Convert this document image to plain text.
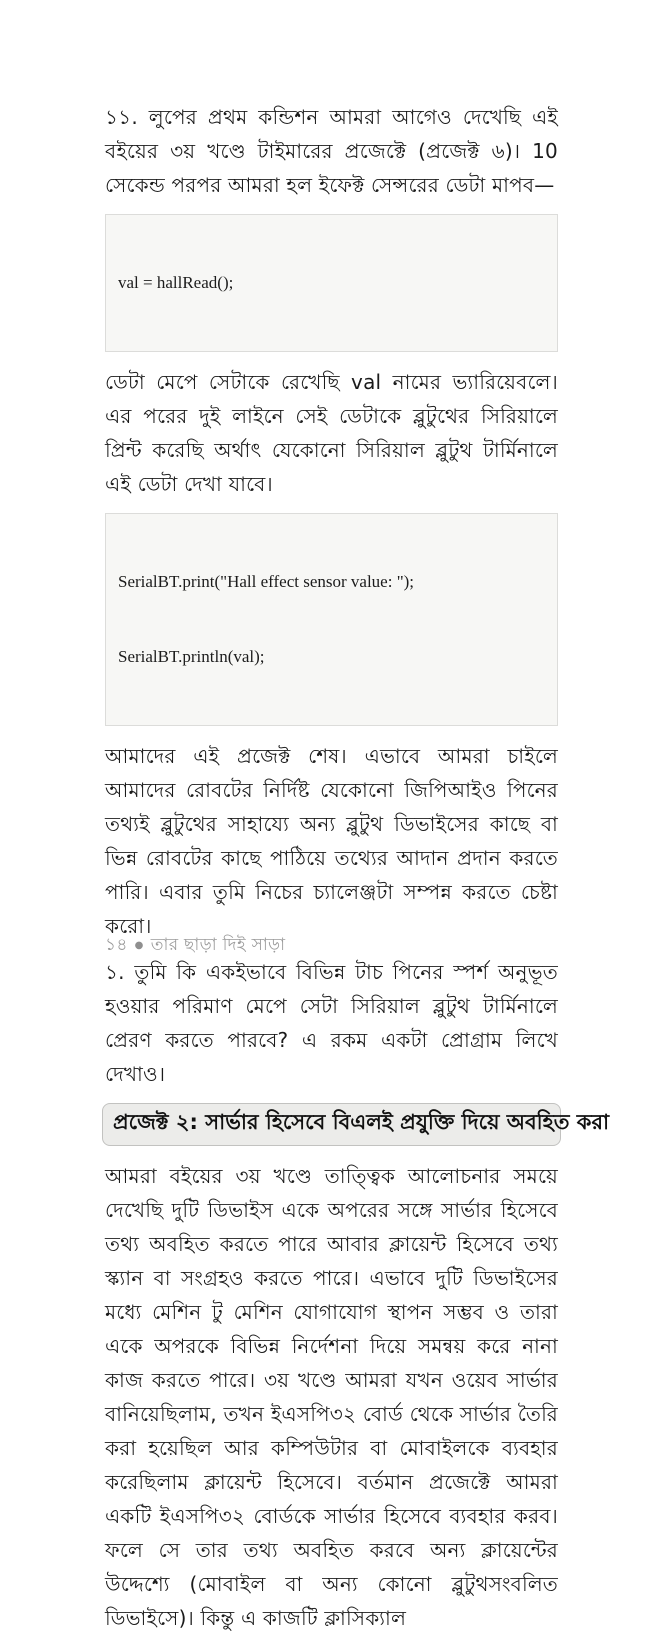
১১. লুপের প্রথম কন্ডিশন আমরা আগেও দেখেছি এই বইয়ের ৩য় খণ্ডে টাইমারের প্রজেক্টে (প্রজেক্ট ৬)। 10 সেকেন্ড পরপর আমরা হল ইফেক্ট সেন্সরের ডেটা মাপব—

val = hallRead();

ডেটা মেপে সেটাকে রেখেছি val নামের ভ্যারিয়েবলে। এর পরের দুই লাইনে সেই ডেটাকে ব্লুটুথের সিরিয়ালে প্রিন্ট করেছি অর্থাৎ যেকোনো সিরিয়াল ব্লুটুথ টার্মিনালে এই ডেটা দেখা যাবে।

SerialBT.print("Hall effect sensor value: ");

SerialBT.println(val);

আমাদের এই প্রজেক্ট শেষ। এভাবে আমরা চাইলে আমাদের রোবটের নির্দিষ্ট যেকোনো জিপিআইও পিনের তথ্যই ব্লুটুথের সাহায্যে অন্য ব্লুটুথ ডিভাইসের কাছে বা ভিন্ন রোবটের কাছে পাঠিয়ে তথ্যের আদান প্রদান করতে পারি। এবার তুমি নিচের চ্যালেঞ্জটা সম্পন্ন করতে চেষ্টা করো।

১. তুমি কি একইভাবে বিভিন্ন টাচ পিনের স্পর্শ অনুভূত হওয়ার পরিমাণ মেপে সেটা সিরিয়াল ব্লুটুথ টার্মিনালে প্রেরণ করতে পারবে? এ রকম একটা প্রোগ্রাম লিখে দেখাও।

প্রজেক্ট ২: সার্ভার হিসেবে বিএলই প্রযুক্তি দিয়ে অবহিত করা

আমরা বইয়ের ৩য় খণ্ডে তাত্ত্বিক আলোচনার সময়ে দেখেছি দুটি ডিভাইস একে অপরের সঙ্গে সার্ভার হিসেবে তথ্য অবহিত করতে পারে আবার ক্লায়েন্ট হিসেবে তথ্য স্ক্যান বা সংগ্রহও করতে পারে। এভাবে দুটি ডিভাইসের মধ্যে মেশিন টু মেশিন যোগাযোগ স্থাপন সম্ভব ও তারা একে অপরকে বিভিন্ন নির্দেশনা দিয়ে সমন্বয় করে নানা কাজ করতে পারে। ৩য় খণ্ডে আমরা যখন ওয়েব সার্ভার বানিয়েছিলাম, তখন ইএসপি৩২ বোর্ড থেকে সার্ভার তৈরি করা হয়েছিল আর কম্পিউটার বা মোবাইলকে ব্যবহার করেছিলাম ক্লায়েন্ট হিসেবে। বর্তমান প্রজেক্টে আমরা একটি ইএসপি৩২ বোর্ডকে সার্ভার হিসেবে ব্যবহার করব। ফলে সে তার তথ্য অবহিত করবে অন্য ক্লায়েন্টের উদ্দেশ্যে (মোবাইল বা অন্য কোনো ব্লুটুথসংবলিত ডিভাইসে)। কিন্তু এ কাজটি ক্লাসিক্যাল

১৪ ● তার ছাড়া দিই সাড়া
